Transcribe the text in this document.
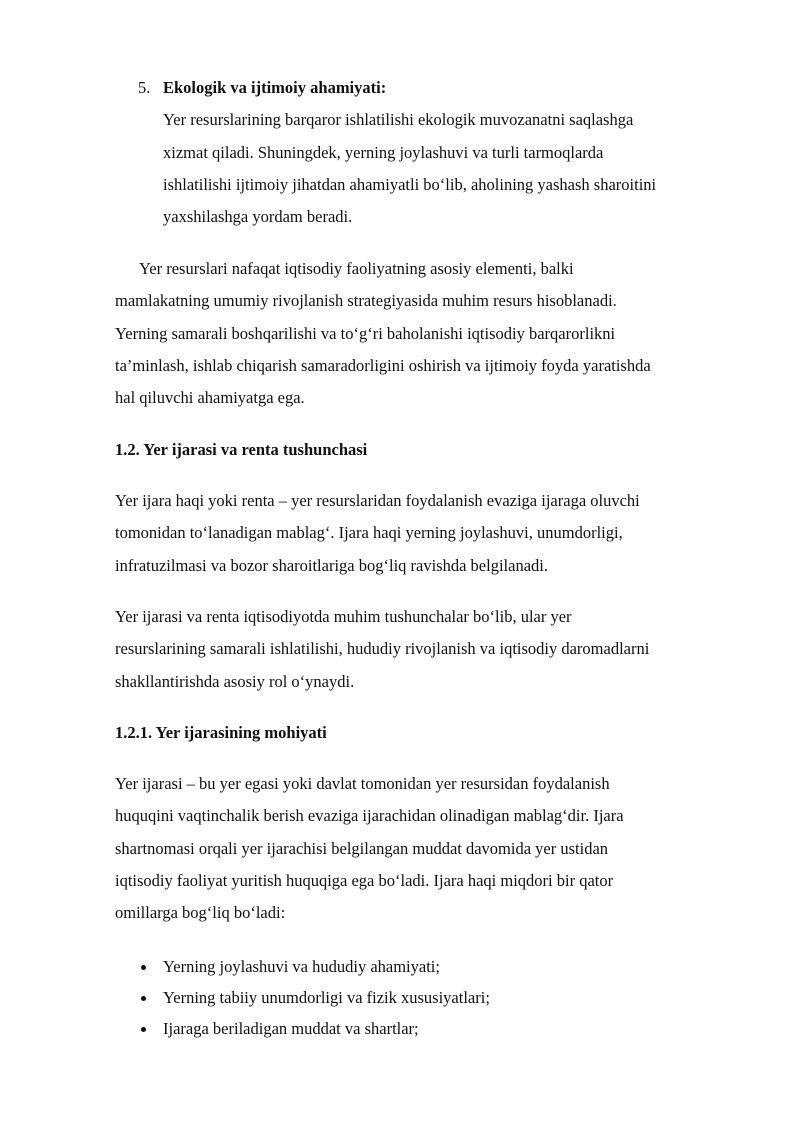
5. Ekologik va ijtimoiy ahamiyati:
Yer resurslarining barqaror ishlatilishi ekologik muvozanatni saqlashga
xizmat qiladi. Shuningdek, yerning joylashuvi va turli tarmoqlarda
ishlatilishi ijtimoiy jihatdan ahamiyatli bo‘lib, aholining yashash sharoitini
yaxshilashga yordam beradi.
Yer resurslari nafaqat iqtisodiy faoliyatning asosiy elementi, balki
mamlakatning umumiy rivojlanish strategiyasida muhim resurs hisoblanadi.
Yerning samarali boshqarilishi va to‘g‘ri baholanishi iqtisodiy barqarorlikni
ta’minlash, ishlab chiqarish samaradorligini oshirish va ijtimoiy foyda yaratishda
hal qiluvchi ahamiyatga ega.
1.2. Yer ijarasi va renta tushunchasi
Yer ijara haqi yoki renta – yer resurslaridan foydalanish evaziga ijaraga oluvchi
tomonidan to‘lanadigan mablag‘. Ijara haqi yerning joylashuvi, unumdorligi,
infratuzilmasi va bozor sharoitlariga bog‘liq ravishda belgilanadi.
Yer ijarasi va renta iqtisodiyotda muhim tushunchalar bo‘lib, ular yer
resurslarining samarali ishlatilishi, hududiy rivojlanish va iqtisodiy daromadlarni
shakllantirishda asosiy rol o‘ynaydi.
1.2.1. Yer ijarasining mohiyati
Yer ijarasi – bu yer egasi yoki davlat tomonidan yer resursidan foydalanish
huquqini vaqtinchalik berish evaziga ijarachidan olinadigan mablag‘dir. Ijara
shartnomasi orqali yer ijarachisi belgilangan muddat davomida yer ustidan
iqtisodiy faoliyat yuritish huquqiga ega bo‘ladi. Ijara haqi miqdori bir qator
omillarga bog‘liq bo‘ladi:
Yerning joylashuvi va hududiy ahamiyati;
Yerning tabiiy unumdorligi va fizik xususiyatlari;
Ijaraga beriladigan muddat va shartlar;
